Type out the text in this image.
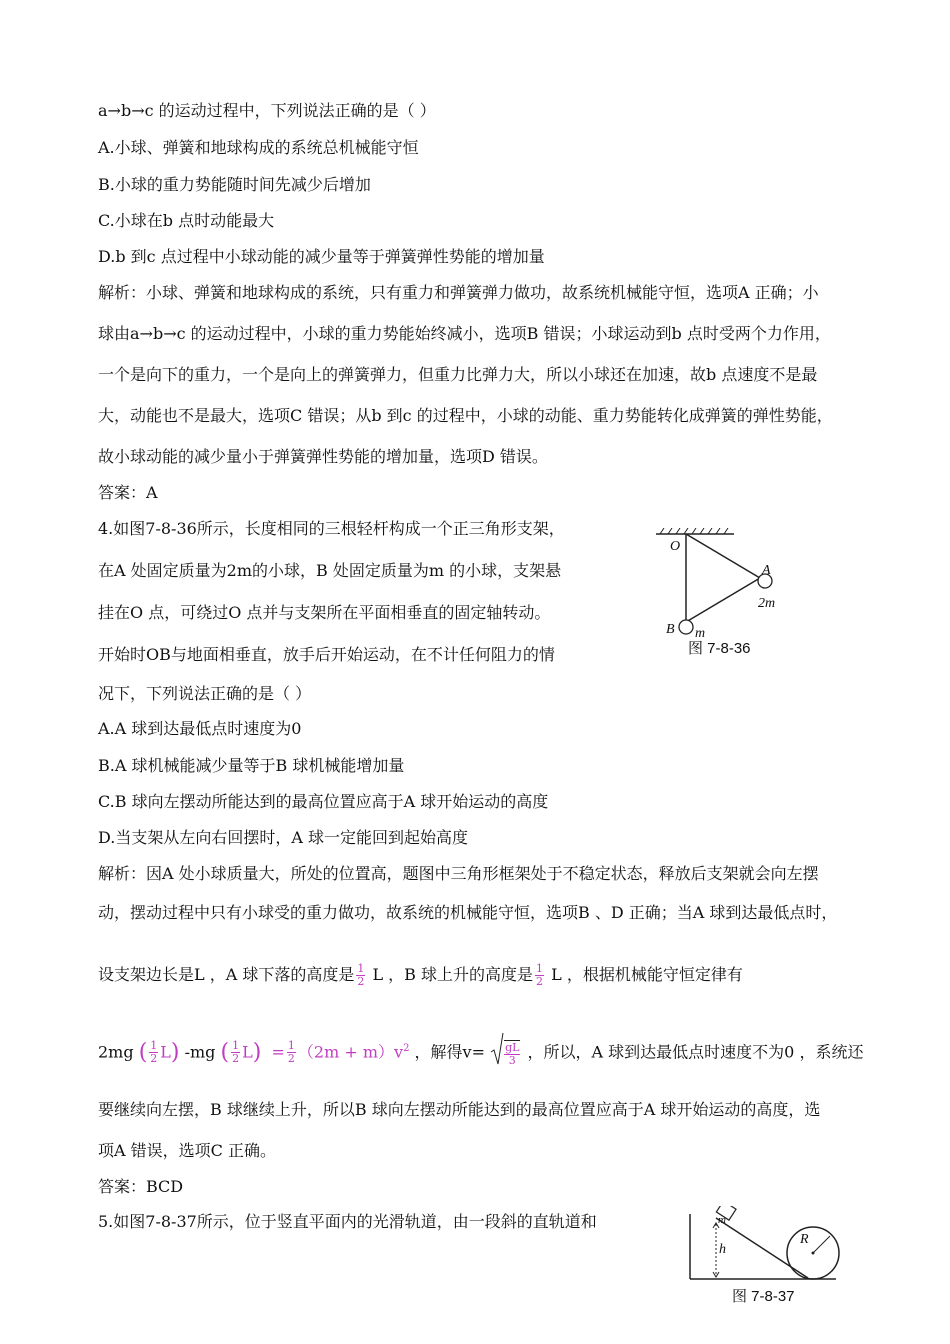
a→b→c 的运动过程中，下列说法正确的是（ ）
A.小球、弹簧和地球构成的系统总机械能守恒
B.小球的重力势能随时间先减少后增加
C.小球在b 点时动能最大
D.b 到c 点过程中小球动能的减少量等于弹簧弹性势能的增加量
解析：小球、弹簧和地球构成的系统，只有重力和弹簧弹力做功，故系统机械能守恒，选项A 正确；小
球由a→b→c 的运动过程中，小球的重力势能始终减小，选项B 错误；小球运动到b 点时受两个力作用，
一个是向下的重力，一个是向上的弹簧弹力，但重力比弹力大，所以小球还在加速，故b 点速度不是最
大，动能也不是最大，选项C 错误；从b 到c 的过程中，小球的动能、重力势能转化成弹簧的弹性势能，
故小球动能的减少量小于弹簧弹性势能的增加量，选项D 错误。
答案：A
4.如图7-8-36所示，长度相同的三根轻杆构成一个正三角形支架，
在A 处固定质量为2m的小球，B 处固定质量为m 的小球，支架悬
挂在O 点，可绕过O 点并与支架所在平面相垂直的固定轴转动。
开始时OB与地面相垂直，放手后开始运动，在不计任何阻力的情
况下，下列说法正确的是（ ）
A.A 球到达最低点时速度为0
B.A 球机械能减少量等于B 球机械能增加量
C.B 球向左摆动所能达到的最高位置应高于A 球开始运动的高度
D.当支架从左向右回摆时，A 球一定能回到起始高度
解析：因A 处小球质量大，所处的位置高，题图中三角形框架处于不稳定状态，释放后支架就会向左摆
动，摆动过程中只有小球受的重力做功，故系统的机械能守恒，选项B 、D 正确；当A 球到达最低点时，
设支架边长是L ，A 球下落的高度是 $\frac{1}{2}$ L ，B 球上升的高度是 $\frac{1}{2}$ L ，根据机械能守恒定律有
2mg ( $\frac{1}{2} L$) -mg ( $\frac{1}{2} L) = \frac{1}{2} (2m + m)v^2$ ，解得$v= \frac{gL}{3}$ ，所以，A 球到达最低点时速度不为0 ，系统还
要继续向左摆，B 球继续上升，所以B 球向左摆动所能达到的最高位置应高于A 球开始运动的高度，选
项A 错误，选项C 正确。
答案：BCD
5.如图7-8-37所示，位于竖直平面内的光滑轨道，由一段斜的直轨道和
O
A
2m
B m
图 7-8-36
m
h
R
图 7-8-37
